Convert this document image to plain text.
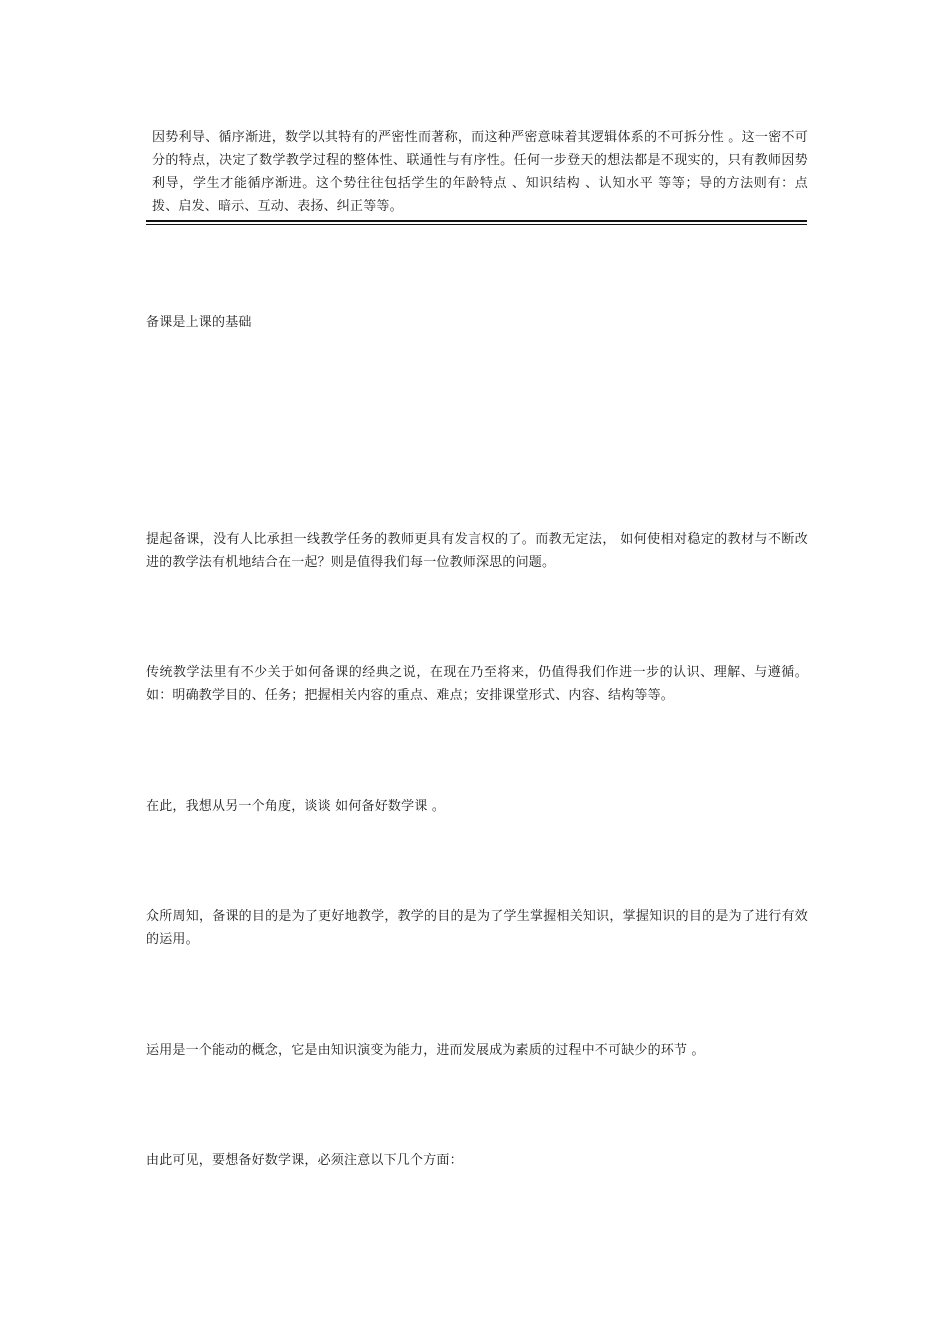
因势利导、循序渐进，数学以其特有的严密性而著称，而这种严密意味着其逻辑体系的不可拆分性 。这一密不可分的特点，决定了数学教学过程的整体性、联通性与有序性。任何一步登天的想法都是不现实的，只有教师因势利导，学生才能循序渐进。这个势往往包括学生的年龄特点 、知识结构 、认知水平 等等；导的方法则有：点拨、启发、暗示、互动、表扬、纠正等等。

备课是上课的基础

提起备课，没有人比承担一线教学任务的教师更具有发言权的了。而教无定法， 如何使相对稳定的教材与不断改进的教学法有机地结合在一起？则是值得我们每一位教师深思的问题。

传统教学法里有不少关于如何备课的经典之说，在现在乃至将来，仍值得我们作进一步的认识、理解、与遵循。如：明确教学目的、任务；把握相关内容的重点、难点；安排课堂形式、内容、结构等等。

在此，我想从另一个角度，谈谈 如何备好数学课 。

众所周知，备课的目的是为了更好地教学，教学的目的是为了学生掌握相关知识，掌握知识的目的是为了进行有效的运用。

运用是一个能动的概念，它是由知识演变为能力，进而发展成为素质的过程中不可缺少的环节 。

由此可见，要想备好数学课，必须注意以下几个方面：
